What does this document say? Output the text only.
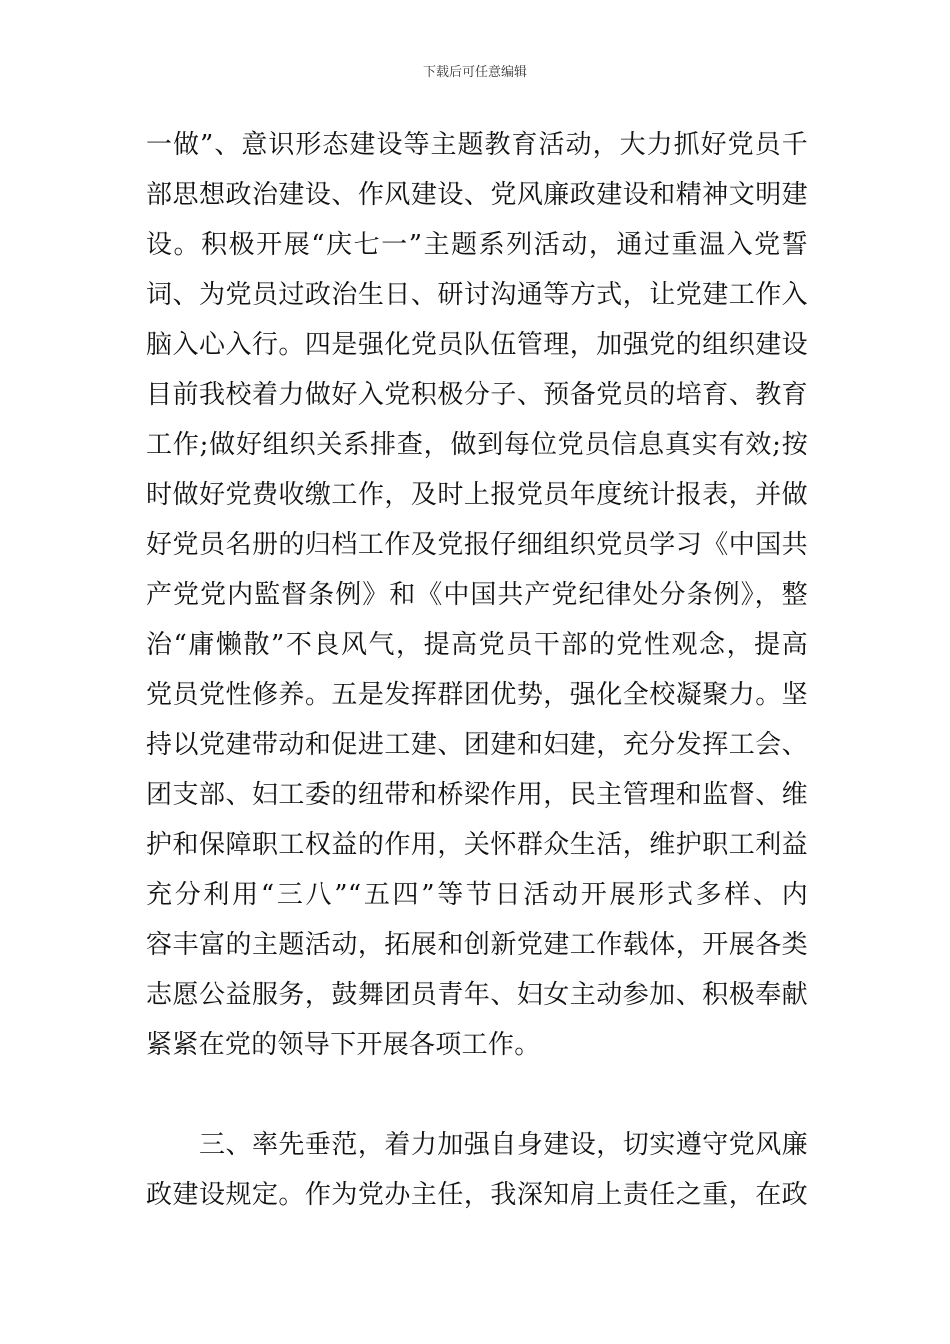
下载后可任意编辑
一做”、意识形态建设等主题教育活动，大力抓好党员千
部思想政治建设、作风建设、党风廉政建设和精神文明建
设。积极开展“庆七一”主题系列活动，通过重温入党誓
词、为党员过政治生日、研讨沟通等方式，让党建工作入
脑入心入行。四是强化党员队伍管理，加强党的组织建设
目前我校着力做好入党积极分子、预备党员的培育、教育
工作;做好组织关系排查，做到每位党员信息真实有效;按
时做好党费收缴工作，及时上报党员年度统计报表，并做
好党员名册的归档工作及党报仔细组织党员学习《中国共
产党党内監督条例》和《中国共产党纪律处分条例》，整
治“庸懒散”不良风气，提高党员干部的党性观念，提高
党员党性修养。五是发挥群团优势，强化全校凝聚力。坚
持以党建带动和促进工建、团建和妇建，充分发挥工会、
团支部、妇工委的纽带和桥梁作用，民主管理和监督、维
护和保障职工权益的作用，关怀群众生活，维护职工利益
充分利用“三八”“五四”等节日活动开展形式多样、内
容丰富的主题活动，拓展和创新党建工作载体，开展各类
志愿公益服务，鼓舞团员青年、妇女主动参加、积极奉献
紧紧在党的领导下开展各项工作。
　　三、率先垂范，着力加强自身建设，切实遵守党风廉
政建设规定。作为党办主任，我深知肩上责任之重，在政
